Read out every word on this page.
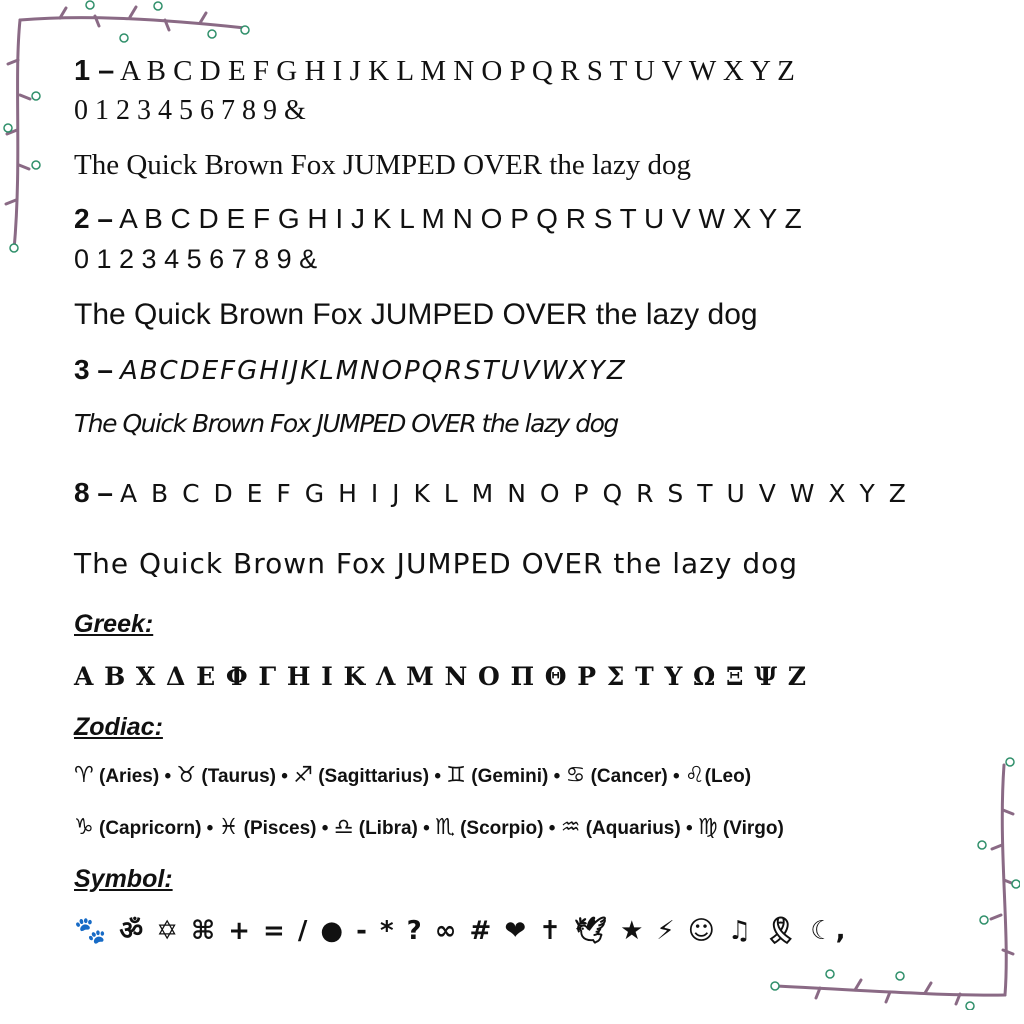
1 – A B C D E F G H I J K L M N O P Q R S T U V W X Y Z
0 1 2 3 4 5 6 7 8 9 &
The Quick Brown Fox JUMPED OVER the lazy dog
2 – A B C D E F G H I J K L M N O P Q R S T U V W X Y Z
0 1 2 3 4 5 6 7 8 9 &
The Quick Brown Fox JUMPED OVER the lazy dog
3 – ABCDEFGHIJKLMNOPQRSTUVWXYZ
The Quick Brown Fox JUMPED OVER the lazy dog
8 – A B C D E F G H I J K L M N O P Q R S T U V W X Y Z
The Quick Brown Fox JUMPED OVER the lazy dog
Greek:
Α Β Χ Δ Ε Φ Γ Η Ι Κ Λ Μ Ν Ο Π Θ Ρ Σ Τ Υ Ω Ξ Ψ Ζ
Zodiac:
♈ (Aries) • ♉ (Taurus) • ♐ (Sagittarius) • ♊ (Gemini) • ♋ (Cancer) • ♌(Leo)
♑ (Capricorn) • ♓ (Pisces) • ♎ (Libra) • ♏ (Scorpio) • ♒ (Aquarius) • ♍ (Virgo)
Symbol:
🐾 ॐ ✡ ⌘ + = / ● - * ? ∞ # ❤ ✝ 🕊 ★ ⚡ ☺ ♫ 🎗 ☾,
